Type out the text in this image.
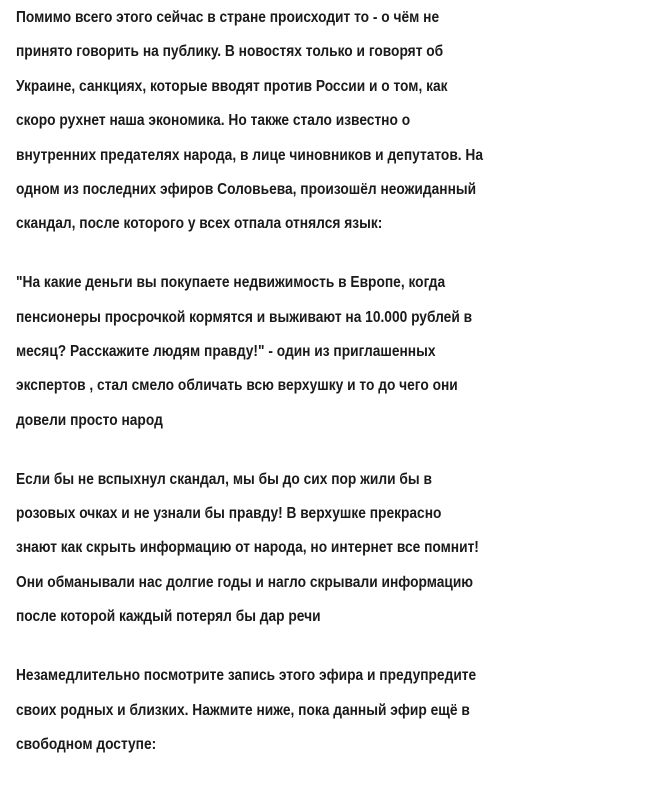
Помимо всего этого сейчас в стране происходит то - о чём не
принято говорить на публику. В новостях только и говорят об
Украине, санкциях, которые вводят против России и о том, как
скоро рухнет наша экономика. Но также стало известно о
внутренних предателях народа, в лице чиновников и депутатов. На
одном из последних эфиров Соловьева, произошёл неожиданный
скандал, после которого у всех отпала отнялся язык:
"На какие деньги вы покупаете недвижимость в Европе, когда
пенсионеры просрочкой кормятся и выживают на 10.000 рублей в
месяц? Расскажите людям правду!" - один из приглашенных
экспертов , стал смело обличать всю верхушку и то до чего они
довели просто народ
Если бы не вспыхнул скандал, мы бы до сих пор жили бы в
розовых очках и не узнали бы правду! В верхушке прекрасно
знают как скрыть информацию от народа, но интернет все помнит!
Они обманывали нас долгие годы и нагло скрывали информацию
после которой каждый потерял бы дар речи
Незамедлительно посмотрите запись этого эфира и предупредите
своих родных и близких. Нажмите ниже, пока данный эфир ещё в
свободном доступе:
